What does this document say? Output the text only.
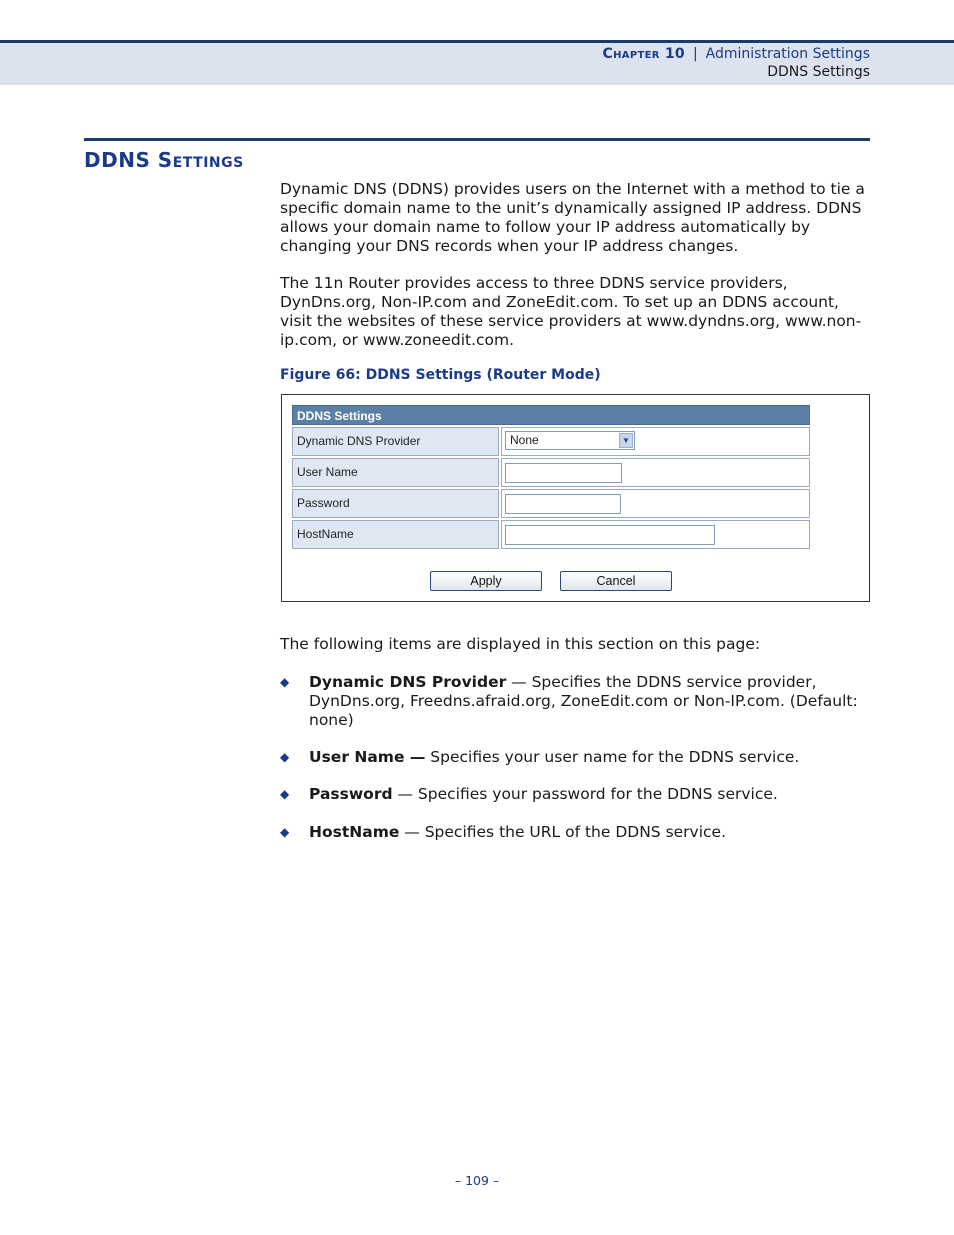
Chapter 10 | Administration Settings
DDNS Settings
DDNS Settings
Dynamic DNS (DDNS) provides users on the Internet with a method to tie a specific domain name to the unit’s dynamically assigned IP address. DDNS allows your domain name to follow your IP address automatically by changing your DNS records when your IP address changes.
The 11n Router provides access to three DDNS service providers, DynDns.org, Non-IP.com and ZoneEdit.com. To set up an DDNS account, visit the websites of these service providers at www.dyndns.org, www.non-ip.com, or www.zoneedit.com.
Figure 66: DDNS Settings (Router Mode)
DDNS Settings
Dynamic DNS Provider	None	▼
User Name
Password
HostName
Apply	Cancel
The following items are displayed in this section on this page:
◆ Dynamic DNS Provider — Specifies the DDNS service provider, DynDns.org, Freedns.afraid.org, ZoneEdit.com or Non-IP.com. (Default: none)
◆ User Name — Specifies your user name for the DDNS service.
◆ Password — Specifies your password for the DDNS service.
◆ HostName — Specifies the URL of the DDNS service.
– 109 –
